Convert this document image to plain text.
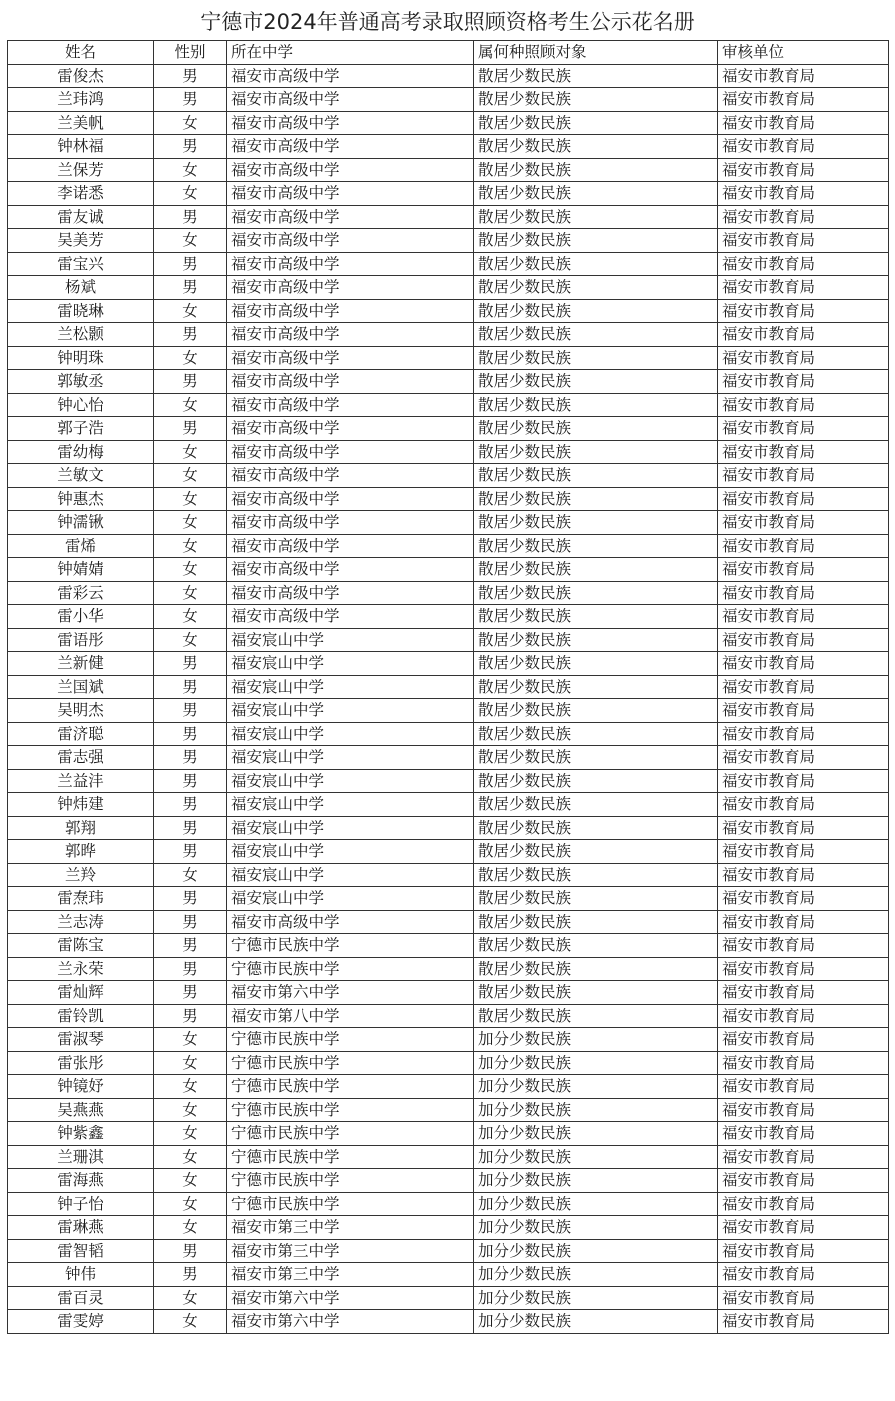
宁德市2024年普通高考录取照顾资格考生公示花名册
姓名	性别	所在中学	属何种照顾对象	审核单位
雷俊杰	男	福安市高级中学	散居少数民族	福安市教育局
兰玮鸿	男	福安市高级中学	散居少数民族	福安市教育局
兰美帆	女	福安市高级中学	散居少数民族	福安市教育局
钟林福	男	福安市高级中学	散居少数民族	福安市教育局
兰保芳	女	福安市高级中学	散居少数民族	福安市教育局
李诺悉	女	福安市高级中学	散居少数民族	福安市教育局
雷友诚	男	福安市高级中学	散居少数民族	福安市教育局
吴美芳	女	福安市高级中学	散居少数民族	福安市教育局
雷宝兴	男	福安市高级中学	散居少数民族	福安市教育局
杨斌	男	福安市高级中学	散居少数民族	福安市教育局
雷晓琳	女	福安市高级中学	散居少数民族	福安市教育局
兰松颢	男	福安市高级中学	散居少数民族	福安市教育局
钟明珠	女	福安市高级中学	散居少数民族	福安市教育局
郭敏丞	男	福安市高级中学	散居少数民族	福安市教育局
钟心怡	女	福安市高级中学	散居少数民族	福安市教育局
郭子浩	男	福安市高级中学	散居少数民族	福安市教育局
雷幼梅	女	福安市高级中学	散居少数民族	福安市教育局
兰敏文	女	福安市高级中学	散居少数民族	福安市教育局
钟惠杰	女	福安市高级中学	散居少数民族	福安市教育局
钟濡锹	女	福安市高级中学	散居少数民族	福安市教育局
雷烯	女	福安市高级中学	散居少数民族	福安市教育局
钟婧婧	女	福安市高级中学	散居少数民族	福安市教育局
雷彩云	女	福安市高级中学	散居少数民族	福安市教育局
雷小华	女	福安市高级中学	散居少数民族	福安市教育局
雷语彤	女	福安宸山中学	散居少数民族	福安市教育局
兰新健	男	福安宸山中学	散居少数民族	福安市教育局
兰国斌	男	福安宸山中学	散居少数民族	福安市教育局
吴明杰	男	福安宸山中学	散居少数民族	福安市教育局
雷济聪	男	福安宸山中学	散居少数民族	福安市教育局
雷志强	男	福安宸山中学	散居少数民族	福安市教育局
兰益沣	男	福安宸山中学	散居少数民族	福安市教育局
钟炜建	男	福安宸山中学	散居少数民族	福安市教育局
郭翔	男	福安宸山中学	散居少数民族	福安市教育局
郭晔	男	福安宸山中学	散居少数民族	福安市教育局
兰羚	女	福安宸山中学	散居少数民族	福安市教育局
雷焘玮	男	福安宸山中学	散居少数民族	福安市教育局
兰志涛	男	福安市高级中学	散居少数民族	福安市教育局
雷陈宝	男	宁德市民族中学	散居少数民族	福安市教育局
兰永荣	男	宁德市民族中学	散居少数民族	福安市教育局
雷灿辉	男	福安市第六中学	散居少数民族	福安市教育局
雷铃凯	男	福安市第八中学	散居少数民族	福安市教育局
雷淑琴	女	宁德市民族中学	加分少数民族	福安市教育局
雷张彤	女	宁德市民族中学	加分少数民族	福安市教育局
钟镜妤	女	宁德市民族中学	加分少数民族	福安市教育局
吴燕燕	女	宁德市民族中学	加分少数民族	福安市教育局
钟紫鑫	女	宁德市民族中学	加分少数民族	福安市教育局
兰珊淇	女	宁德市民族中学	加分少数民族	福安市教育局
雷海燕	女	宁德市民族中学	加分少数民族	福安市教育局
钟子怡	女	宁德市民族中学	加分少数民族	福安市教育局
雷琳燕	女	福安市第三中学	加分少数民族	福安市教育局
雷智韬	男	福安市第三中学	加分少数民族	福安市教育局
钟伟	男	福安市第三中学	加分少数民族	福安市教育局
雷百灵	女	福安市第六中学	加分少数民族	福安市教育局
雷雯婷	女	福安市第六中学	加分少数民族	福安市教育局
